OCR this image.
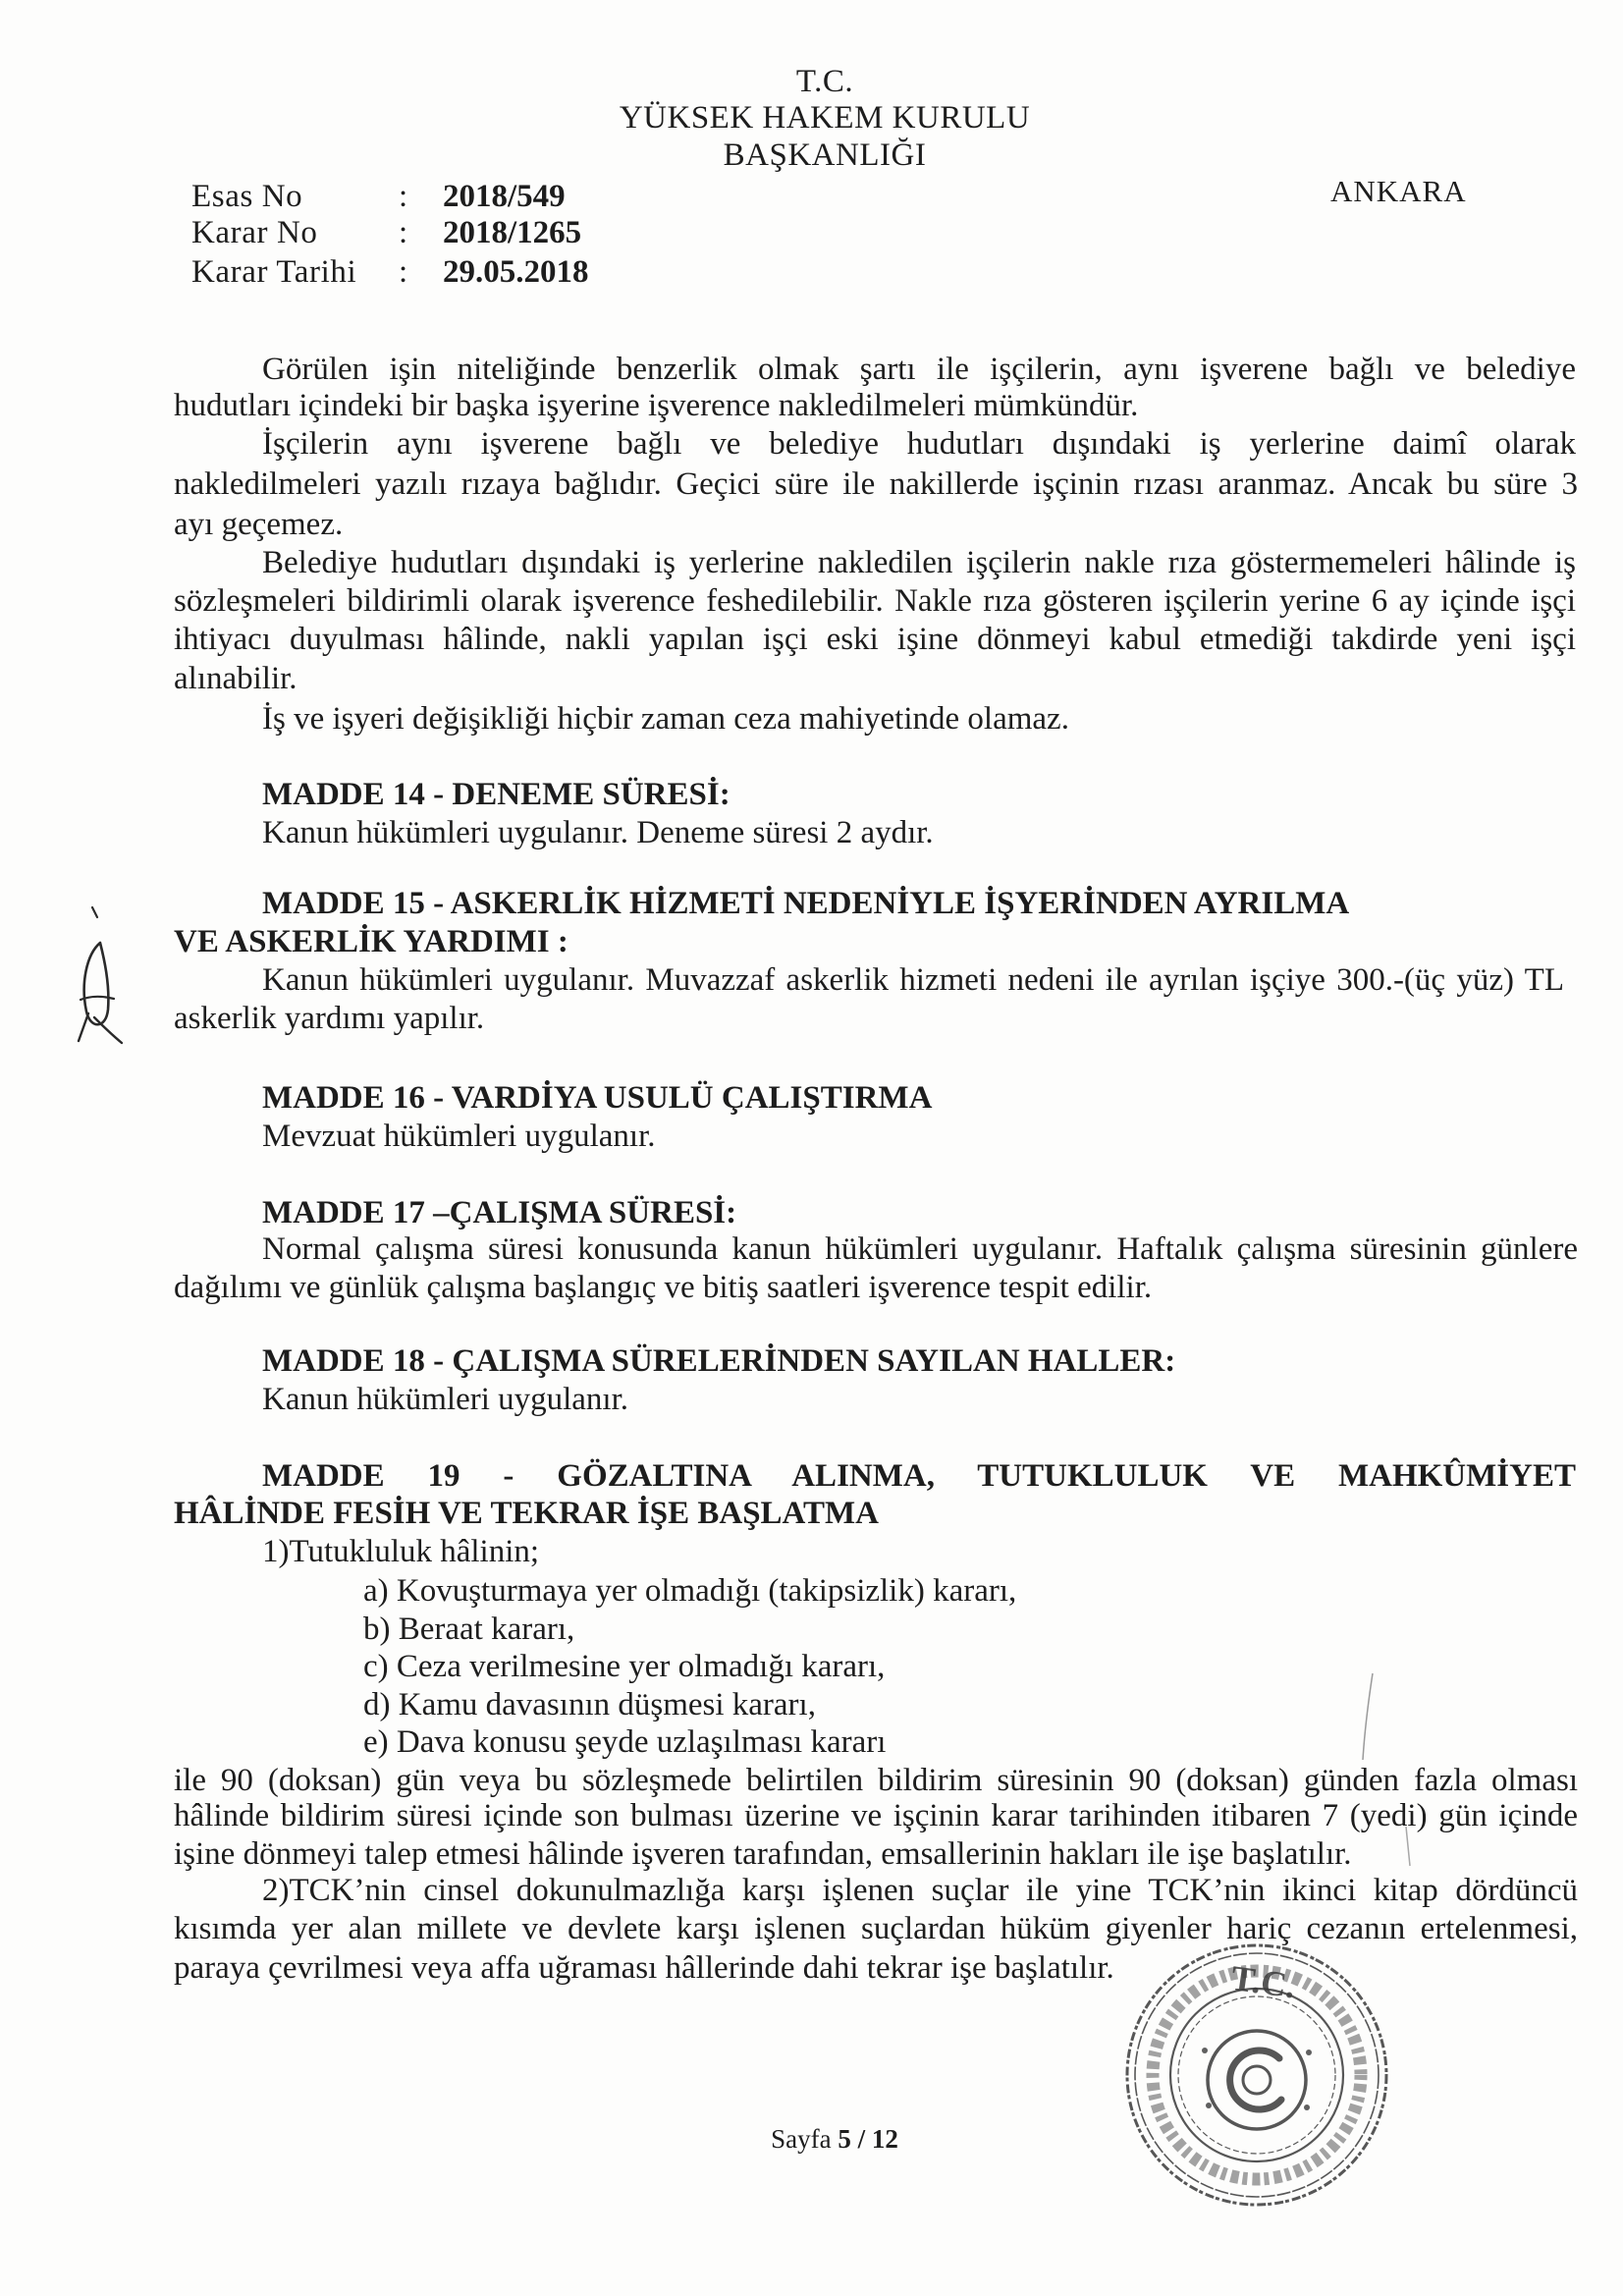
T.C.
YÜKSEK HAKEM KURULU
BAŞKANLIĞI
ANKARA
Esas No	: 2018/549
Karar No	: 2018/1265
Karar Tarihi : 29.05.2018
Görülen işin niteliğinde benzerlik olmak şartı ile işçilerin, aynı işverene bağlı ve belediye
hudutları içindeki bir başka işyerine işverence nakledilmeleri mümkündür.
İşçilerin aynı işverene bağlı ve belediye hudutları dışındaki iş yerlerine daimî olarak
nakledilmeleri yazılı rızaya bağlıdır. Geçici süre ile nakillerde işçinin rızası aranmaz. Ancak bu süre 3
ayı geçemez.
Belediye hudutları dışındaki iş yerlerine nakledilen işçilerin nakle rıza göstermemeleri hâlinde iş
sözleşmeleri bildirimli olarak işverence feshedilebilir. Nakle rıza gösteren işçilerin yerine 6 ay içinde işçi
ihtiyacı duyulması hâlinde, nakli yapılan işçi eski işine dönmeyi kabul etmediği takdirde yeni işçi
alınabilir.
İş ve işyeri değişikliği hiçbir zaman ceza mahiyetinde olamaz.
MADDE 14 - DENEME SÜRESİ:
Kanun hükümleri uygulanır. Deneme süresi 2 aydır.
MADDE 15 - ASKERLİK HİZMETİ NEDENİYLE İŞYERİNDEN AYRILMA
VE ASKERLİK YARDIMI :
Kanun hükümleri uygulanır. Muvazzaf askerlik hizmeti nedeni ile ayrılan işçiye 300.-(üç yüz) TL
askerlik yardımı yapılır.
MADDE 16 - VARDİYA USULÜ ÇALIŞTIRMA
Mevzuat hükümleri uygulanır.
MADDE 17 –ÇALIŞMA SÜRESİ:
Normal çalışma süresi konusunda kanun hükümleri uygulanır. Haftalık çalışma süresinin günlere
dağılımı ve günlük çalışma başlangıç ve bitiş saatleri işverence tespit edilir.
MADDE 18 - ÇALIŞMA SÜRELERİNDEN SAYILAN HALLER:
Kanun hükümleri uygulanır.
MADDE 19 - GÖZALTINA ALINMA, TUTUKLULUK VE MAHKÛMİYET
HÂLİNDE FESİH VE TEKRAR İŞE BAŞLATMA
1)Tutukluluk hâlinin;
a) Kovuşturmaya yer olmadığı (takipsizlik) kararı,
b) Beraat kararı,
c) Ceza verilmesine yer olmadığı kararı,
d) Kamu davasının düşmesi kararı,
e) Dava konusu şeyde uzlaşılması kararı
ile 90 (doksan) gün veya bu sözleşmede belirtilen bildirim süresinin 90 (doksan) günden fazla olması
hâlinde bildirim süresi içinde son bulması üzerine ve işçinin karar tarihinden itibaren 7 (yedi) gün içinde
işine dönmeyi talep etmesi hâlinde işveren tarafından, emsallerinin hakları ile işe başlatılır.
2)TCK’nin cinsel dokunulmazlığa karşı işlenen suçlar ile yine TCK’nin ikinci kitap dördüncü
kısımda yer alan millete ve devlete karşı işlenen suçlardan hüküm giyenler hariç cezanın ertelenmesi,
paraya çevrilmesi veya affa uğraması hâllerinde dahi tekrar işe başlatılır.
Sayfa 5 / 12
T.C.
